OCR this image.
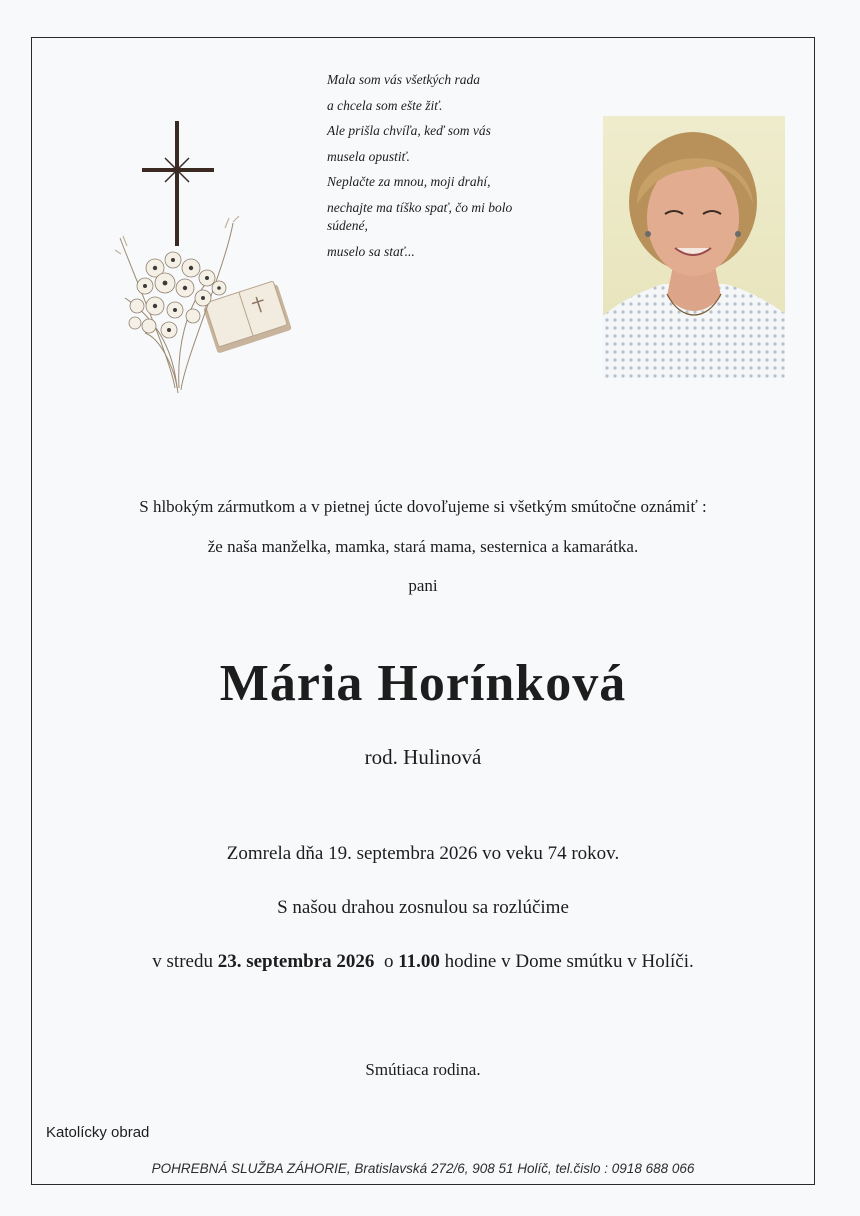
Mala som vás všetkých rada
a chcela som ešte žiť.
Ale prišla chvíľa, keď som vás
musela opustiť.
Neplačte za mnou, moji drahí,
nechajte ma tíško spať, čo mi bolo
súdené,
muselo sa stať...
S hlbokým zármutkom a v pietnej úcte dovoľujeme si všetkým smútočne oznámiť :
že naša manželka, mamka, stará mama, sesternica a kamarátka.
pani
Mária Horínková
rod. Hulinová
Zomrela dňa 19. septembra 2026 vo veku 74 rokov.
S našou drahou zosnulou sa rozlúčime
v stredu 23. septembra 2026 o 11.00 hodine v Dome smútku v Holíči.
Smútiaca rodina.
Katolícky obrad
POHREBNÁ SLUŽBA ZÁHORIE, Bratislavská 272/6, 908 51 Holíč, tel.čislo : 0918 688 066
